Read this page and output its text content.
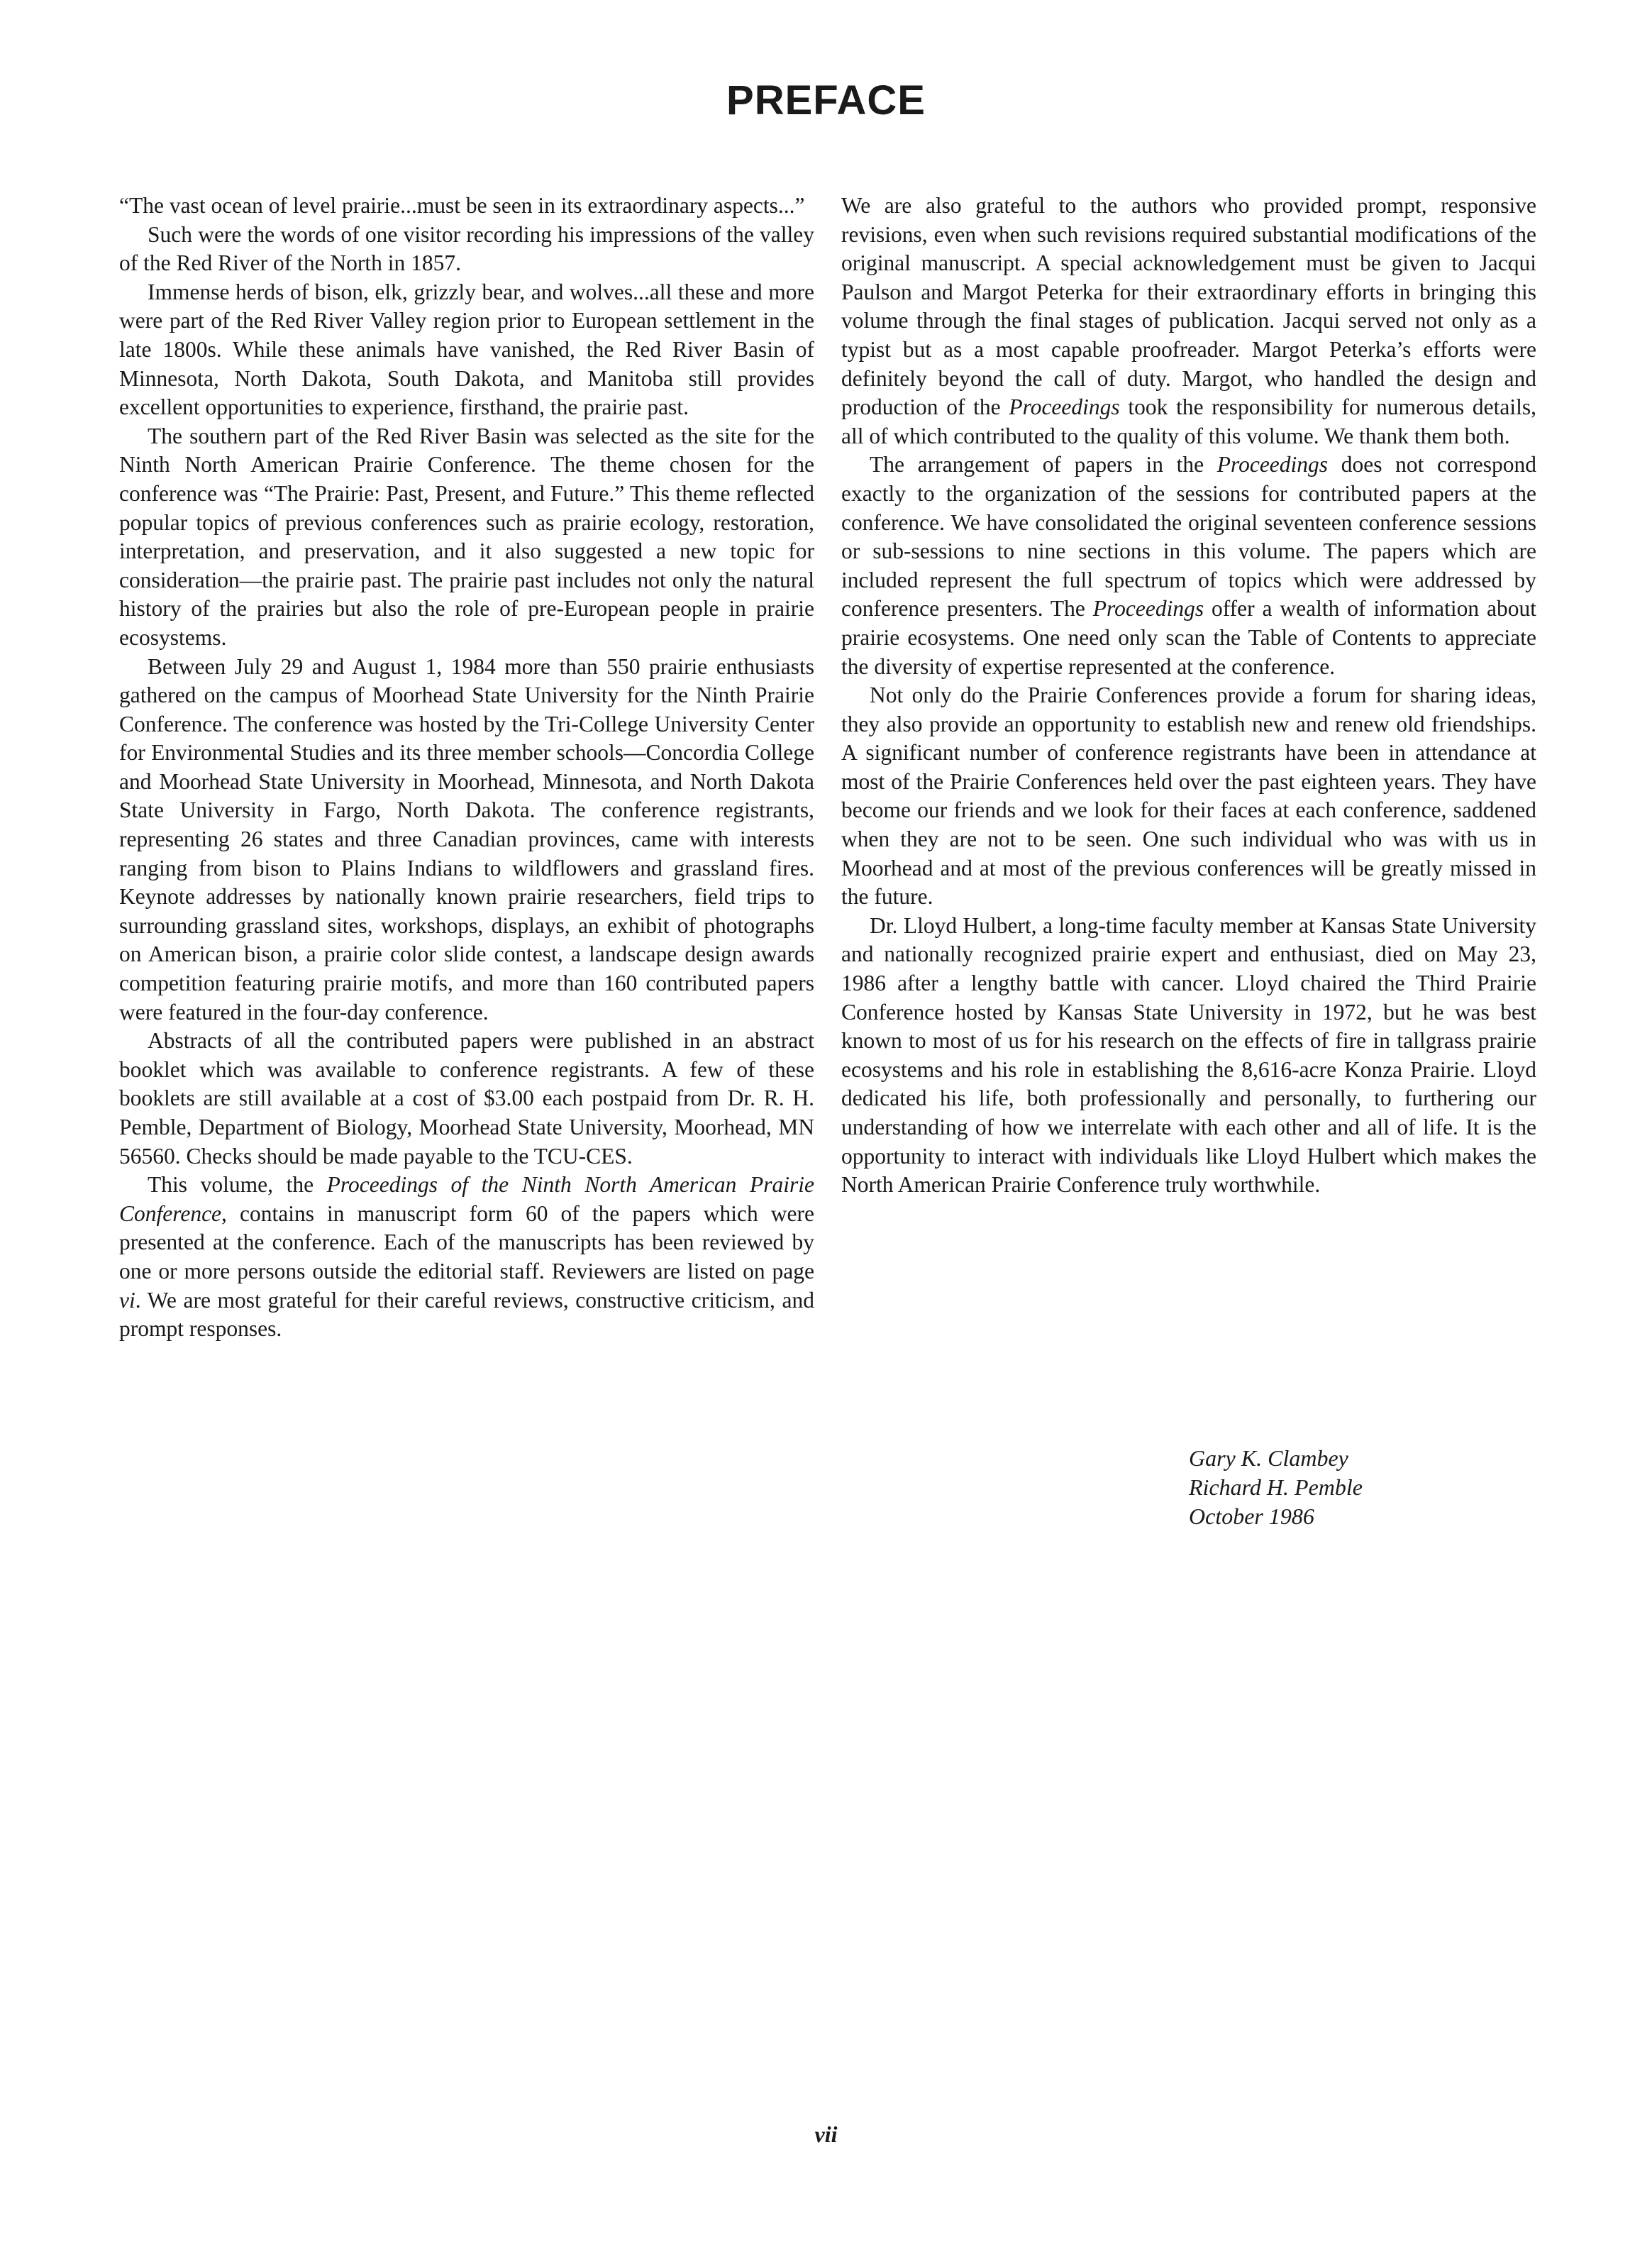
PREFACE

“The vast ocean of level prairie...must be seen in its extraordinary aspects...”

Such were the words of one visitor recording his impressions of the valley of the Red River of the North in 1857.

Immense herds of bison, elk, grizzly bear, and wolves...all these and more were part of the Red River Valley region prior to European settlement in the late 1800s. While these animals have vanished, the Red River Basin of Minnesota, North Dakota, South Dakota, and Manitoba still provides excellent opportunities to experience, firsthand, the prairie past.

The southern part of the Red River Basin was selected as the site for the Ninth North American Prairie Conference. The theme chosen for the conference was “The Prairie: Past, Present, and Future.” This theme reflected popular topics of previous conferences such as prairie ecology, restoration, interpretation, and preservation, and it also suggested a new topic for consideration—the prairie past. The prairie past includes not only the natural history of the prairies but also the role of pre-European people in prairie ecosystems.

Between July 29 and August 1, 1984 more than 550 prairie enthusiasts gathered on the campus of Moorhead State University for the Ninth Prairie Conference. The conference was hosted by the Tri-College University Center for Environmental Studies and its three member schools—Concordia College and Moorhead State University in Moorhead, Minnesota, and North Dakota State University in Fargo, North Dakota. The conference registrants, representing 26 states and three Canadian provinces, came with interests ranging from bison to Plains Indians to wildflowers and grassland fires. Keynote addresses by nationally known prairie researchers, field trips to surrounding grassland sites, workshops, displays, an exhibit of photographs on American bison, a prairie color slide contest, a landscape design awards competition featuring prairie motifs, and more than 160 contributed papers were featured in the four-day conference.

Abstracts of all the contributed papers were published in an abstract booklet which was available to conference registrants. A few of these booklets are still available at a cost of $3.00 each postpaid from Dr. R. H. Pemble, Department of Biology, Moorhead State University, Moorhead, MN 56560. Checks should be made payable to the TCU-CES.

This volume, the Proceedings of the Ninth North American Prairie Conference, contains in manuscript form 60 of the papers which were presented at the conference. Each of the manuscripts has been reviewed by one or more persons outside the editorial staff. Reviewers are listed on page vi. We are most grateful for their careful reviews, constructive criticism, and prompt responses.

We are also grateful to the authors who provided prompt, responsive revisions, even when such revisions required substantial modifications of the original manuscript. A special acknowledgement must be given to Jacqui Paulson and Margot Peterka for their extraordinary efforts in bringing this volume through the final stages of publication. Jacqui served not only as a typist but as a most capable proofreader. Margot Peterka’s efforts were definitely beyond the call of duty. Margot, who handled the design and production of the Proceedings took the responsibility for numerous details, all of which contributed to the quality of this volume. We thank them both.

The arrangement of papers in the Proceedings does not correspond exactly to the organization of the sessions for contributed papers at the conference. We have consolidated the original seventeen conference sessions or sub-sessions to nine sections in this volume. The papers which are included represent the full spectrum of topics which were addressed by conference presenters. The Proceedings offer a wealth of information about prairie ecosystems. One need only scan the Table of Contents to appreciate the diversity of expertise represented at the conference.

Not only do the Prairie Conferences provide a forum for sharing ideas, they also provide an opportunity to establish new and renew old friendships. A significant number of conference registrants have been in attendance at most of the Prairie Conferences held over the past eighteen years. They have become our friends and we look for their faces at each conference, saddened when they are not to be seen. One such individual who was with us in Moorhead and at most of the previous conferences will be greatly missed in the future.

Dr. Lloyd Hulbert, a long-time faculty member at Kansas State University and nationally recognized prairie expert and enthusiast, died on May 23, 1986 after a lengthy battle with cancer. Lloyd chaired the Third Prairie Conference hosted by Kansas State University in 1972, but he was best known to most of us for his research on the effects of fire in tallgrass prairie ecosystems and his role in establishing the 8,616-acre Konza Prairie. Lloyd dedicated his life, both professionally and personally, to furthering our understanding of how we interrelate with each other and all of life. It is the opportunity to interact with individuals like Lloyd Hulbert which makes the North American Prairie Conference truly worthwhile.

Gary K. Clambey
Richard H. Pemble
October 1986
vii
